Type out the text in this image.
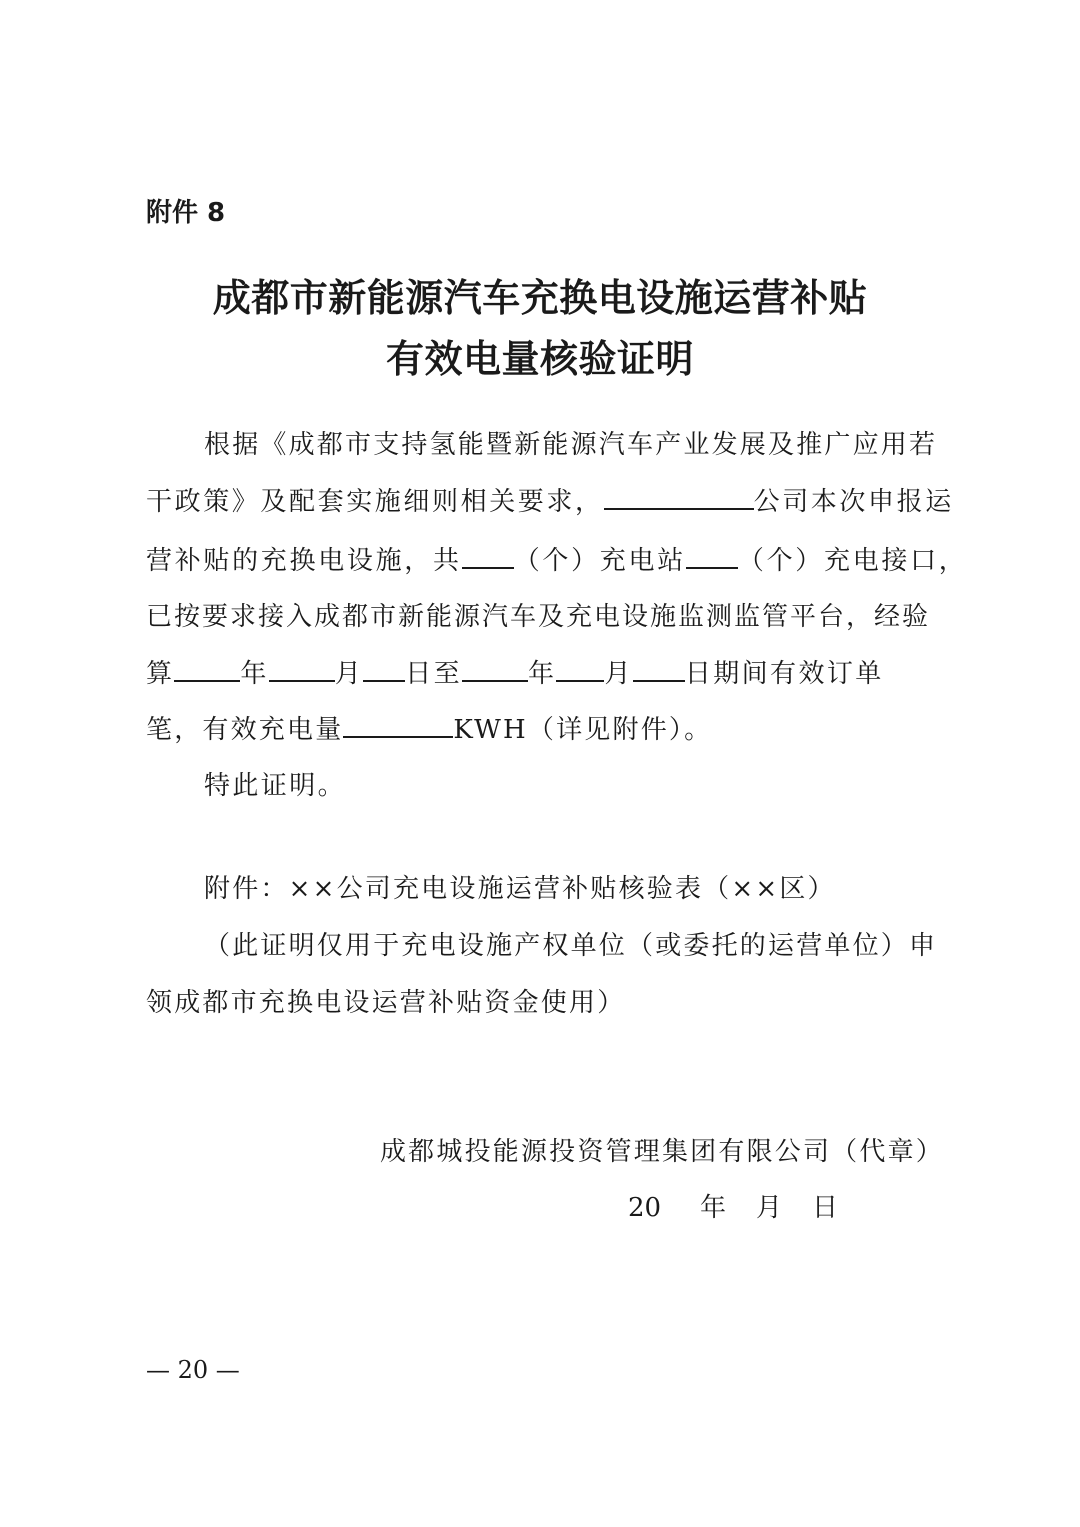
附件 8
成都市新能源汽车充换电设施运营补贴
有效电量核验证明
根据《成都市支持氢能暨新能源汽车产业发展及推广应用若
干政策》及配套实施细则相关要求，	公司本次申报运
营补贴的充换电设施，共 （个）充电站 （个）充电接口，
已按要求接入成都市新能源汽车及充电设施监测监管平台，经验
算	年	月 日至	年 月 日期间有效订单
笔，有效充电量	KWH（详见附件）。
特此证明。
附件：××公司充电设施运营补贴核验表（××区）
（此证明仅用于充电设施产权单位（或委托的运营单位）申
领成都市充换电设运营补贴资金使用）
成都城投能源投资管理集团有限公司（代章）
20 年 月 日
— 20 —
